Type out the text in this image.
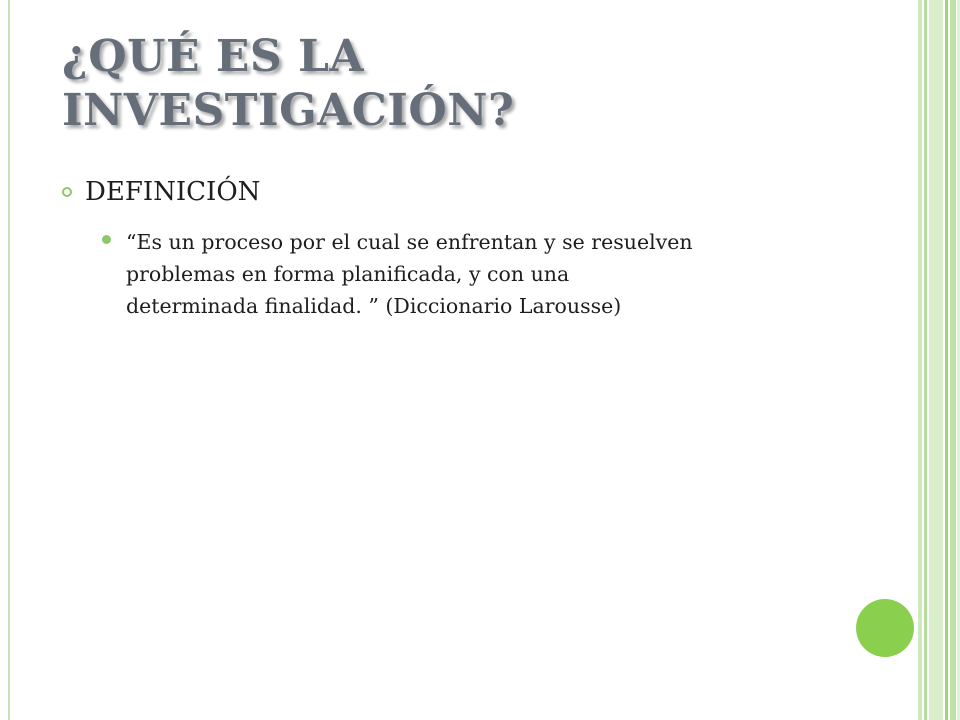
¿QUÉ ES LA
INVESTIGACIÓN?
DEFINICIÓN
“Es un proceso por el cual se enfrentan y se resuelven
problemas en forma planificada, y con una
determinada finalidad. ” (Diccionario Larousse)
